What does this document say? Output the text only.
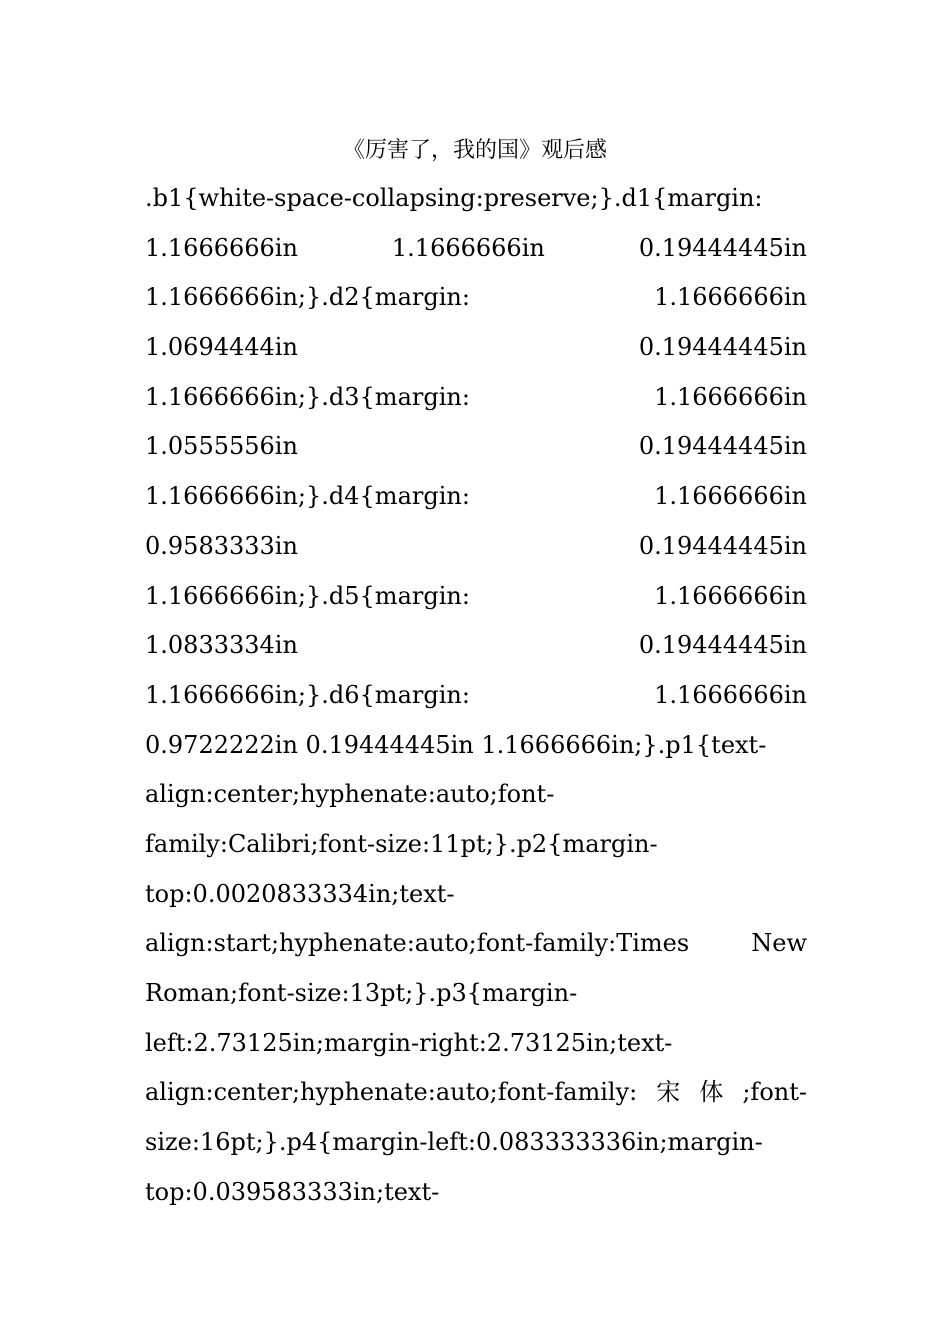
《厉害了，我的国》观后感
.b1{white-space-collapsing:preserve;}.d1{margin:
1.1666666in	1.1666666in	0.19444445in
1.1666666in;}.d2{margin:	1.1666666in
1.0694444in	0.19444445in
1.1666666in;}.d3{margin:	1.1666666in
1.0555556in	0.19444445in
1.1666666in;}.d4{margin:	1.1666666in
0.9583333in	0.19444445in
1.1666666in;}.d5{margin:	1.1666666in
1.0833334in	0.19444445in
1.1666666in;}.d6{margin:	1.1666666in
0.9722222in 0.19444445in 1.1666666in;}.p1{text-
align:center;hyphenate:auto;font-
family:Calibri;font-size:11pt;}.p2{margin-
top:0.0020833334in;text-
align:start;hyphenate:auto;font-family:Times	New
Roman;font-size:13pt;}.p3{margin-
left:2.73125in;margin-right:2.73125in;text-
align:center;hyphenate:auto;font-family: 宋 体 ;font-
size:16pt;}.p4{margin-left:0.083333336in;margin-
top:0.039583333in;text-
